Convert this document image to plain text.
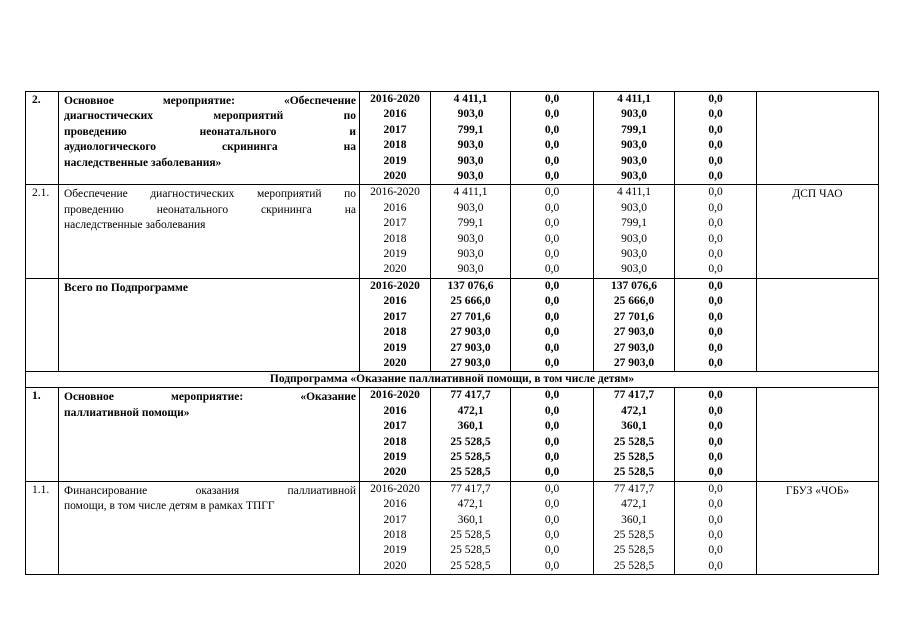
2.	Основное мероприятие: «Обеспечение
диагностических мероприятий по
проведению неонатального и
аудиологического скрининга на
наследственные заболевания»	2016-2020	4 411,1	0,0	4 411,1	0,0	
		2016	903,0	0,0	903,0	0,0	
		2017	799,1	0,0	799,1	0,0	
		2018	903,0	0,0	903,0	0,0	
		2019	903,0	0,0	903,0	0,0	
		2020	903,0	0,0	903,0	0,0	
2.1.	Обеспечение диагностических мероприятий по
проведению неонатального скрининга на
наследственные заболевания	2016-2020	4 411,1	0,0	4 411,1	0,0	ДСП ЧАО
		2016	903,0	0,0	903,0	0,0	
		2017	799,1	0,0	799,1	0,0	
		2018	903,0	0,0	903,0	0,0	
		2019	903,0	0,0	903,0	0,0	
		2020	903,0	0,0	903,0	0,0	

	Всего по Подпрограмме	2016-2020	137 076,6	0,0	137 076,6	0,0	
		2016	25 666,0	0,0	25 666,0	0,0	
		2017	27 701,6	0,0	27 701,6	0,0	
		2018	27 903,0	0,0	27 903,0	0,0	
		2019	27 903,0	0,0	27 903,0	0,0	
		2020	27 903,0	0,0	27 903,0	0,0	
Подпрограмма «Оказание паллиативной помощи, в том числе детям»							
1.	Основное мероприятие: «Оказание
паллиативной помощи»	2016-2020	77 417,7	0,0	77 417,7	0,0	
		2016	472,1	0,0	472,1	0,0	
		2017	360,1	0,0	360,1	0,0	
		2018	25 528,5	0,0	25 528,5	0,0	
		2019	25 528,5	0,0	25 528,5	0,0	
		2020	25 528,5	0,0	25 528,5	0,0	
1.1.	Финансирование оказания паллиативной
помощи, в том числе детям в рамках ТПГГ	2016-2020	77 417,7	0,0	77 417,7	0,0	ГБУЗ «ЧОБ»
		2016	472,1	0,0	472,1	0,0	
		2017	360,1	0,0	360,1	0,0	
		2018	25 528,5	0,0	25 528,5	0,0	
		2019	25 528,5	0,0	25 528,5	0,0	
		2020	25 528,5	0,0	25 528,5	0,0	
